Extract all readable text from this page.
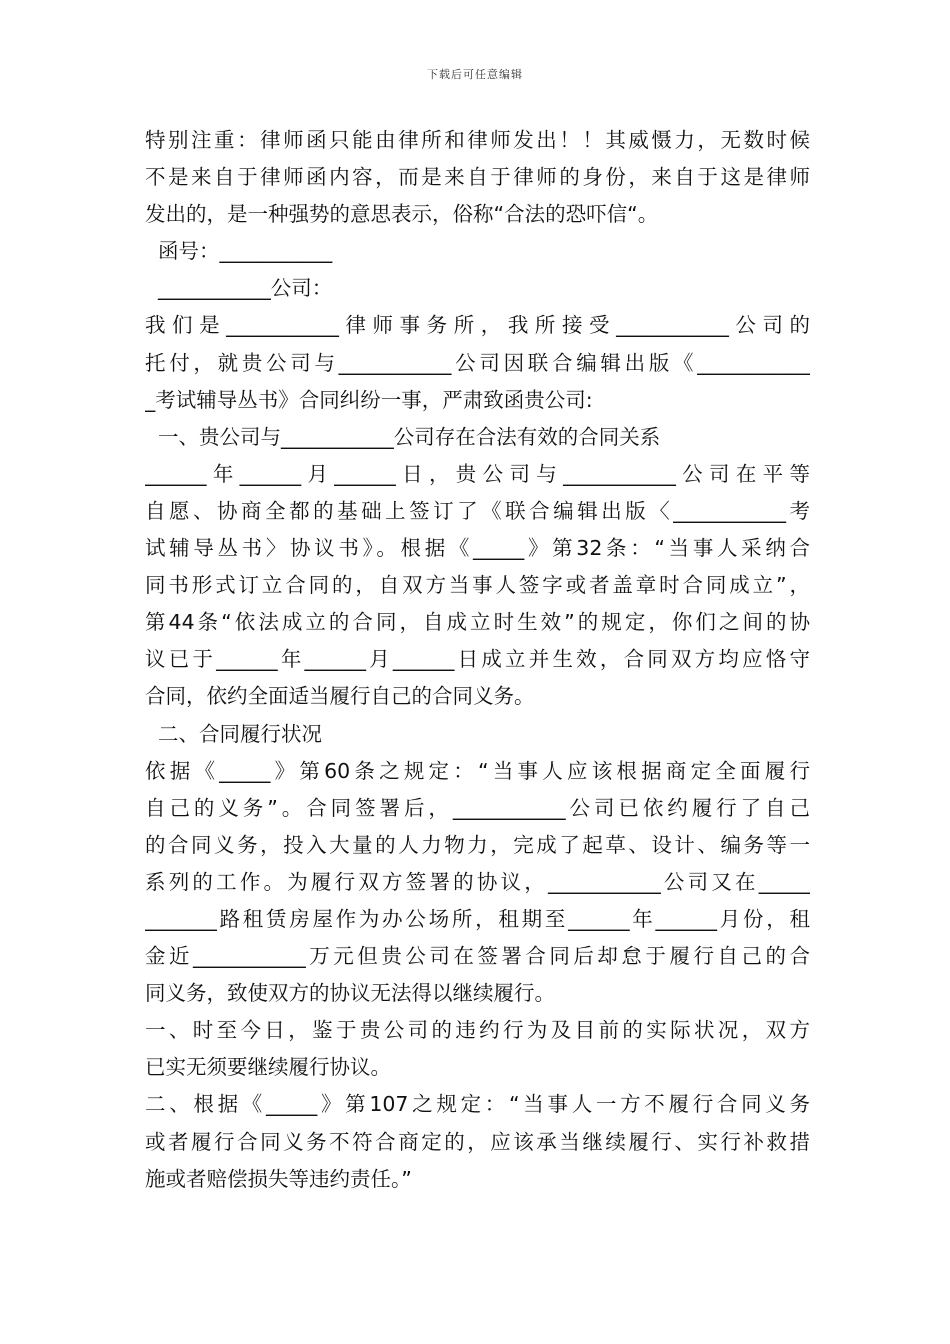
下载后可任意编辑
特别注重：律师函只能由律所和律师发出！！其威慑力，无数时候
不是来自于律师函内容，而是来自于律师的身份，来自于这是律师
发出的，是一种强势的意思表示，俗称“合法的恐吓信“。
函号：___________
___________公司：
我们是___________律师事务所，我所接受___________公司的
托付，就贵公司与___________公司因联合编辑出版《___________
_考试辅导丛书》合同纠纷一事，严肃致函贵公司:
一、贵公司与___________公司存在合法有效的合同关系
______年______月______日，贵公司与___________公司在平等
自愿、协商全都的基础上签订了《联合编辑出版〈___________考
试辅导丛书〉协议书》。根据《_____》第32条：“当事人采纳合
同书形式订立合同的，自双方当事人签字或者盖章时合同成立”，
第44条“依法成立的合同，自成立时生效”的规定，你们之间的协
议已于______年______月______日成立并生效，合同双方均应恪守
合同，依约全面适当履行自己的合同义务。
二、合同履行状况
依据《_____》第60条之规定：“当事人应该根据商定全面履行
自己的义务”。合同签署后，___________公司已依约履行了自己
的合同义务，投入大量的人力物力，完成了起草、设计、编务等一
系列的工作。为履行双方签署的协议，___________公司又在_____
_______路租赁房屋作为办公场所，租期至______年______月份，租
金近___________万元但贵公司在签署合同后却怠于履行自己的合
同义务，致使双方的协议无法得以继续履行。
一、时至今日，鉴于贵公司的违约行为及目前的实际状况，双方
已实无须要继续履行协议。
二、根据《_____》第107之规定：“当事人一方不履行合同义务
或者履行合同义务不符合商定的，应该承当继续履行、实行补救措
施或者赔偿损失等违约责任。”
